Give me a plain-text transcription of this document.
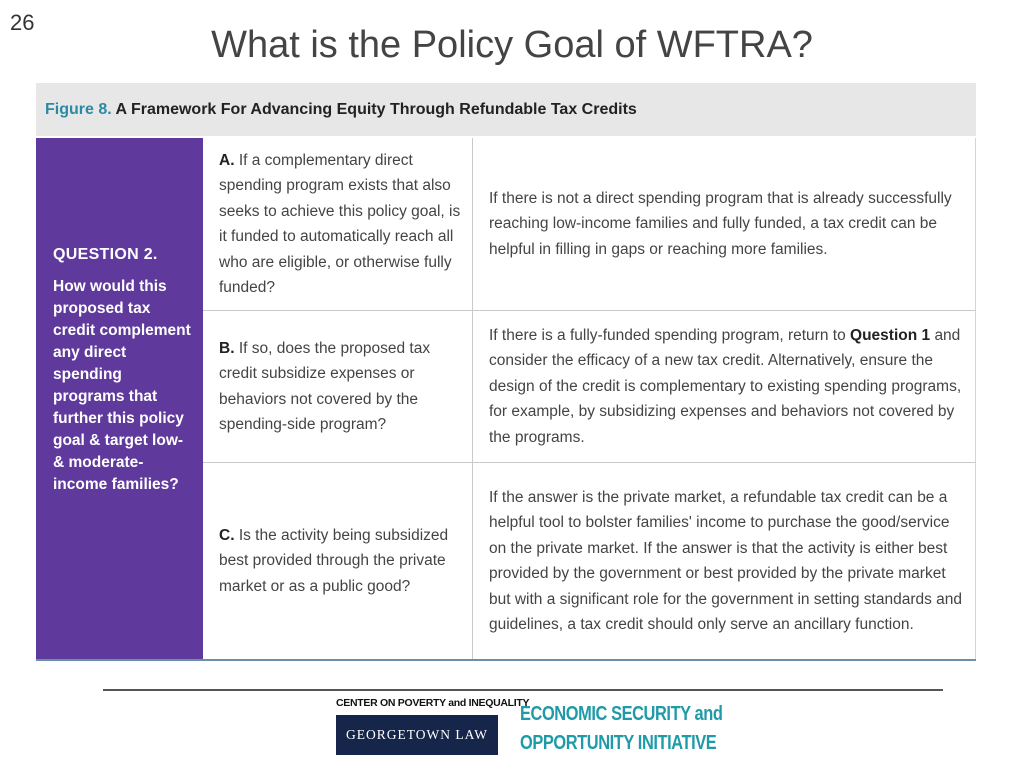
26
What is the Policy Goal of WFTRA?
Figure 8. A Framework For Advancing Equity Through Refundable Tax Credits
QUESTION 2.
How would this proposed tax credit complement any direct spending programs that further this policy goal & target low- & moderate-income families?
A. If a complementary direct spending program exists that also seeks to achieve this policy goal, is it funded to automatically reach all who are eligible, or otherwise fully funded?
If there is not a direct spending program that is already successfully reaching low-income families and fully funded, a tax credit can be helpful in filling in gaps or reaching more families.
B. If so, does the proposed tax credit subsidize expenses or behaviors not covered by the spending-side program?
If there is a fully-funded spending program, return to Question 1 and consider the efficacy of a new tax credit. Alternatively, ensure the design of the credit is complementary to existing spending programs, for example, by subsidizing expenses and behaviors not covered by the programs.
C. Is the activity being subsidized best provided through the private market or as a public good?
If the answer is the private market, a refundable tax credit can be a helpful tool to bolster families' income to purchase the good/service on the private market. If the answer is that the activity is either best provided by the government or best provided by the private market but with a significant role for the government in setting standards and guidelines, a tax credit should only serve an ancillary function.
CENTER ON POVERTY and INEQUALITY
GEORGETOWN LAW
ECONOMIC SECURITY and
OPPORTUNITY INITIATIVE
